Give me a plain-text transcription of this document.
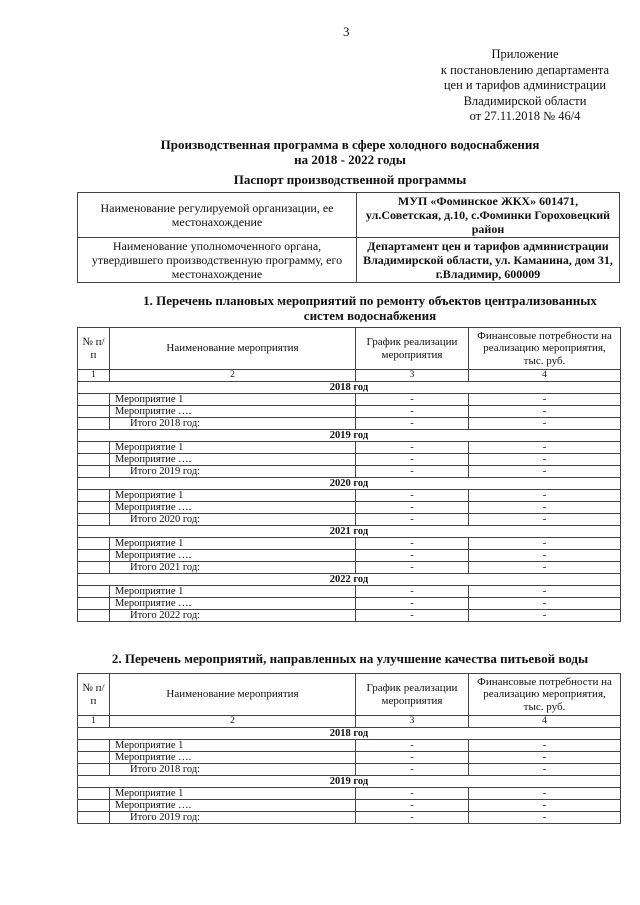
3
Приложение
к постановлению департамента
цен и тарифов администрации
Владимирской области
от 27.11.2018 № 46/4
Производственная программа в сфере холодного водоснабжения
на 2018 - 2022 годы
Паспорт производственной программы
Наименование регулируемой организации, ее местонахождение	МУП «Фоминское ЖКХ» 601471, ул.Советская, д.10, с.Фоминки Гороховецкий район
Наименование уполномоченного органа, утвердившего производственную программу, его местонахождение	Департамент цен и тарифов администрации Владимирской области, ул. Каманина, дом 31, г.Владимир, 600009
1. Перечень плановых мероприятий по ремонту объектов централизованных
систем водоснабжения
№ п/п	Наименование мероприятия	График реализации мероприятия	Финансовые потребности на реализацию мероприятия, тыс. руб.
1	2	3	4
2018 год			
	Мероприятие 1	-	-
	Мероприятие ….	-	-
	Итого 2018 год:	-	-
2019 год			
	Мероприятие 1	-	-
	Мероприятие ….	-	-
	Итого 2019 год:	-	-
2020 год			
	Мероприятие 1	-	-
	Мероприятие ….	-	-
	Итого 2020 год:	-	-
2021 год			
	Мероприятие 1	-	-
	Мероприятие ….	-	-
	Итого 2021 год:	-	-
2022 год			
	Мероприятие 1	-	-
	Мероприятие ….	-	-
	Итого 2022 год:	-	-
2. Перечень мероприятий, направленных на улучшение качества питьевой воды
№ п/п	Наименование мероприятия	График реализации мероприятия	Финансовые потребности на реализацию мероприятия, тыс. руб.
1	2	3	4
2018 год			
	Мероприятие 1	-	-
	Мероприятие ….	-	-
	Итого 2018 год:	-	-
2019 год			
	Мероприятие 1	-	-
	Мероприятие ….	-	-
	Итого 2019 год:	-	-
